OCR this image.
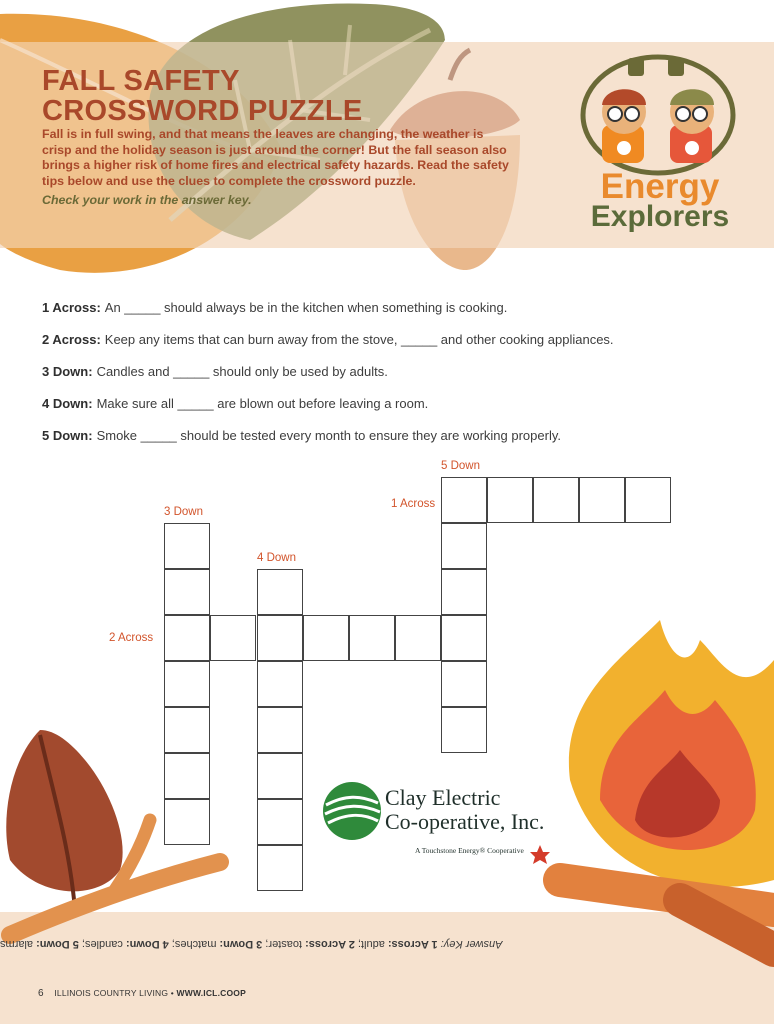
FALL SAFETY
CROSSWORD PUZZLE

Fall is in full swing, and that means the leaves are changing, the weather is crisp and the holiday season is just around the corner! But the fall season also brings a higher risk of home fires and electrical safety hazards. Read the safety tips below and use the clues to complete the crossword puzzle.

Check your work in the answer key.	Energy
Explorers
1 Across: An _____ should always be in the kitchen when something is cooking.
2 Across: Keep any items that can burn away from the stove, _____ and other cooking appliances.
3 Down: Candles and _____ should only be used by adults.
4 Down: Make sure all _____ are blown out before leaving a room.
5 Down: Smoke _____ should be tested every month to ensure they are working properly.
5 Down
1 Across
3 Down
4 Down
2 Across
Clay Electric
Co-operative, Inc.
A Touchstone Energy® Cooperative
Answer Key: 1 Across: adult; 2 Across: toaster; 3 Down: matches; 4 Down: candles; 5 Down: alarms
6 ILLINOIS COUNTRY LIVING • WWW.ICL.COOP
